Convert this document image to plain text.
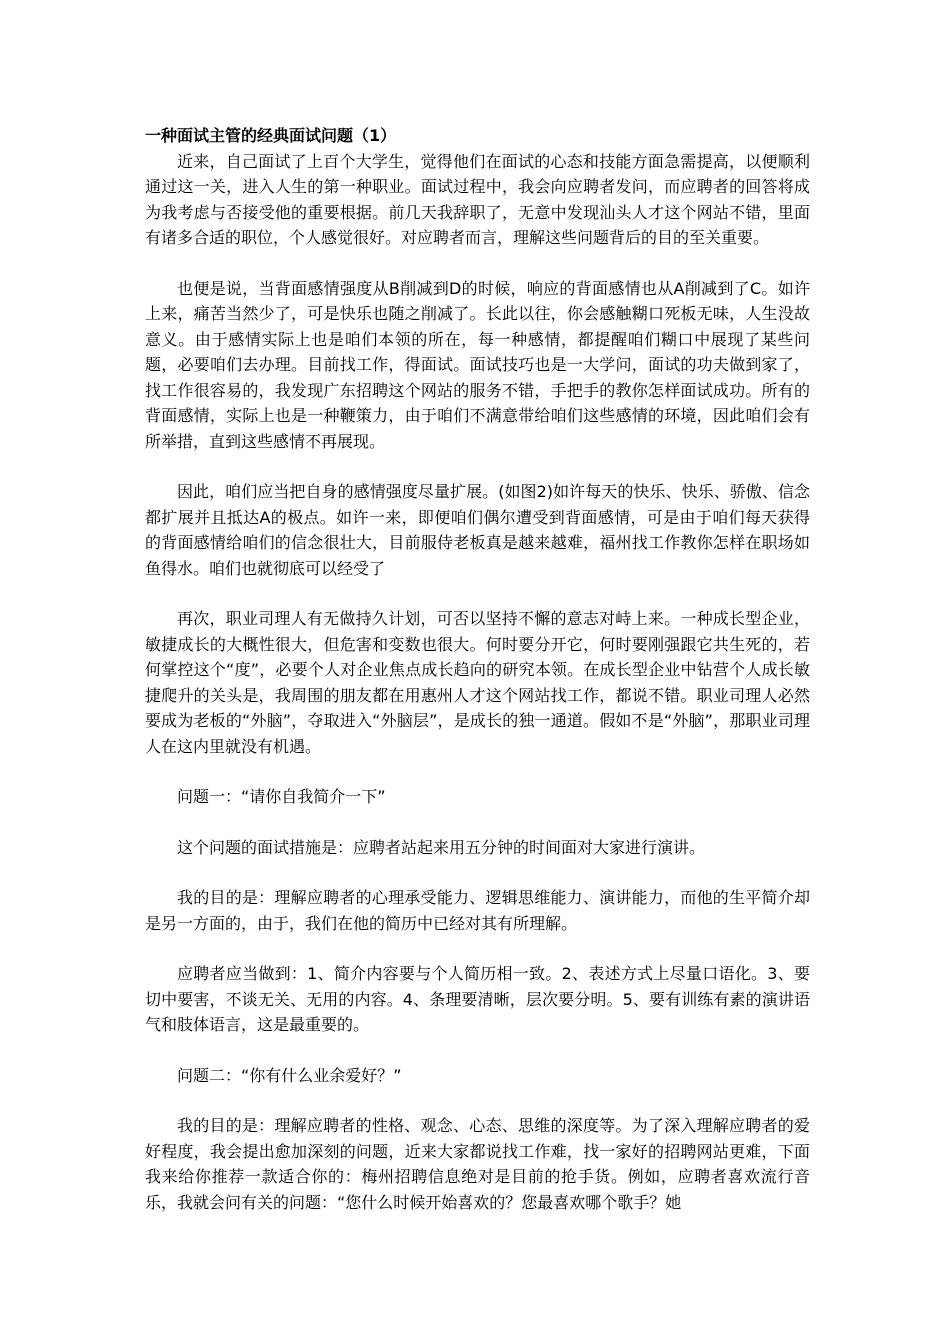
一种面试主管的经典面试问题（1）

近来，自己面试了上百个大学生，觉得他们在面试的心态和技能方面急需提高，以便顺利通过这一关，进入人生的第一种职业。面试过程中，我会向应聘者发问，而应聘者的回答将成为我考虑与否接受他的重要根据。前几天我辞职了，无意中发现汕头人才这个网站不错，里面有诸多合适的职位，个人感觉很好。对应聘者而言，理解这些问题背后的目的至关重要。

也便是说，当背面感情强度从B削减到D的时候，响应的背面感情也从A削减到了C。如许上来，痛苦当然少了，可是快乐也随之削减了。长此以往，你会感触糊口死板无味，人生没故意义。由于感情实际上也是咱们本领的所在，每一种感情，都提醒咱们糊口中展现了某些问题，必要咱们去办理。目前找工作，得面试。面试技巧也是一大学问，面试的功夫做到家了，找工作很容易的，我发现广东招聘这个网站的服务不错，手把手的教你怎样面试成功。所有的背面感情，实际上也是一种鞭策力，由于咱们不满意带给咱们这些感情的环境，因此咱们会有所举措，直到这些感情不再展现。

因此，咱们应当把自身的感情强度尽量扩展。(如图2)如许每天的快乐、快乐、骄傲、信念都扩展并且抵达A的极点。如许一来，即便咱们偶尔遭受到背面感情，可是由于咱们每天获得的背面感情给咱们的信念很壮大，目前服侍老板真是越来越难，福州找工作教你怎样在职场如鱼得水。咱们也就彻底可以经受了

再次，职业司理人有无做持久计划，可否以坚持不懈的意志对峙上来。一种成长型企业，敏捷成长的大概性很大，但危害和变数也很大。何时要分开它，何时要刚强跟它共生死的，若何掌控这个“度”，必要个人对企业焦点成长趋向的研究本领。在成长型企业中钻营个人成长敏捷爬升的关头是，我周围的朋友都在用惠州人才这个网站找工作，都说不错。职业司理人必然要成为老板的“外脑”，夺取进入“外脑层”，是成长的独一通道。假如不是“外脑”，那职业司理人在这内里就没有机遇。

问题一：“请你自我简介一下”

这个问题的面试措施是：应聘者站起来用五分钟的时间面对大家进行演讲。

我的目的是：理解应聘者的心理承受能力、逻辑思维能力、演讲能力，而他的生平简介却是另一方面的，由于，我们在他的简历中已经对其有所理解。

应聘者应当做到：1、简介内容要与个人简历相一致。2、表述方式上尽量口语化。3、要切中要害，不谈无关、无用的内容。4、条理要清晰，层次要分明。5、要有训练有素的演讲语气和肢体语言，这是最重要的。

问题二：“你有什么业余爱好？”

我的目的是：理解应聘者的性格、观念、心态、思维的深度等。为了深入理解应聘者的爱好程度，我会提出愈加深刻的问题，近来大家都说找工作难，找一家好的招聘网站更难，下面我来给你推荐一款适合你的：梅州招聘信息绝对是目前的抢手货。例如，应聘者喜欢流行音乐，我就会问有关的问题：“您什么时候开始喜欢的？您最喜欢哪个歌手？她
